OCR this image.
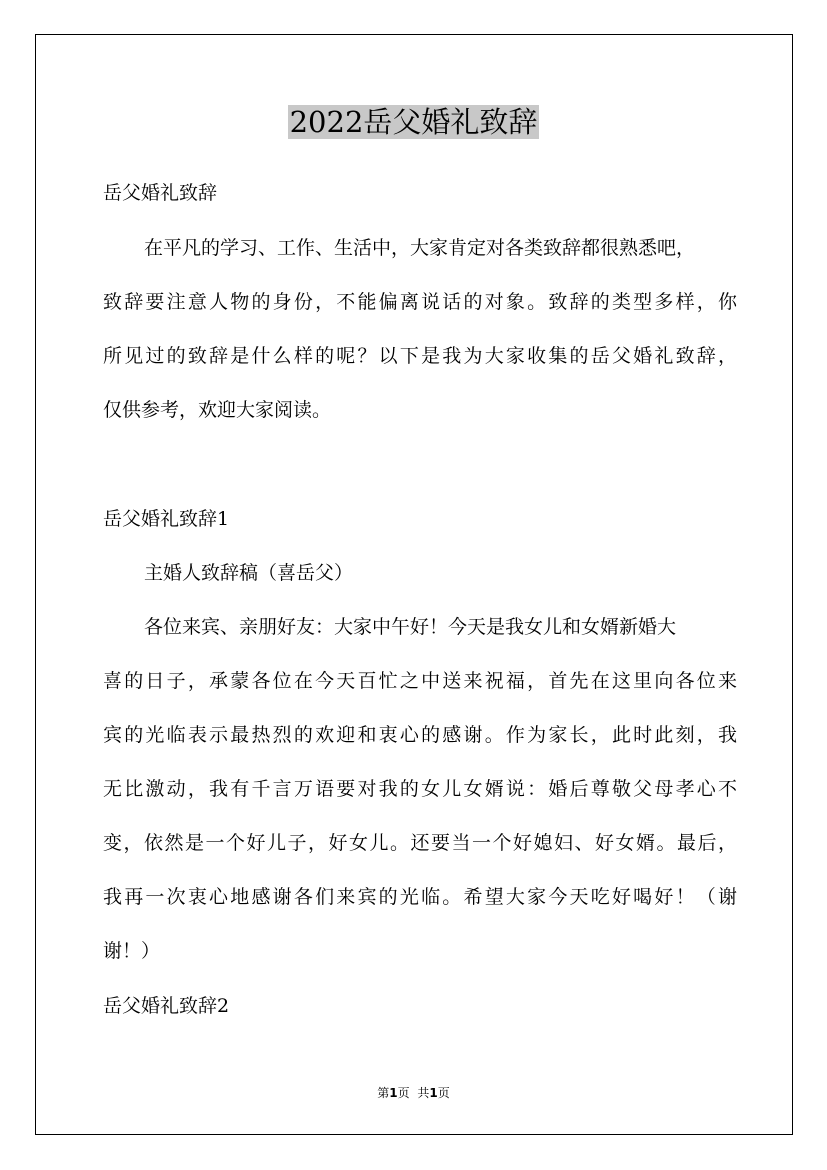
2022岳父婚礼致辞
岳父婚礼致辞
在平凡的学习、工作、生活中，大家肯定对各类致辞都很熟悉吧，
致辞要注意人物的身份，不能偏离说话的对象。致辞的类型多样，你
所见过的致辞是什么样的呢？以下是我为大家收集的岳父婚礼致辞，
仅供参考，欢迎大家阅读。
岳父婚礼致辞1
主婚人致辞稿（喜岳父）
各位来宾、亲朋好友：大家中午好！今天是我女儿和女婿新婚大
喜的日子，承蒙各位在今天百忙之中送来祝福，首先在这里向各位来
宾的光临表示最热烈的欢迎和衷心的感谢。作为家长，此时此刻，我
无比激动，我有千言万语要对我的女儿女婿说：婚后尊敬父母孝心不
变，依然是一个好儿子，好女儿。还要当一个好媳妇、好女婿。最后，
我再一次衷心地感谢各们来宾的光临。希望大家今天吃好喝好！（谢
谢！）
岳父婚礼致辞2
第1页 共1页
